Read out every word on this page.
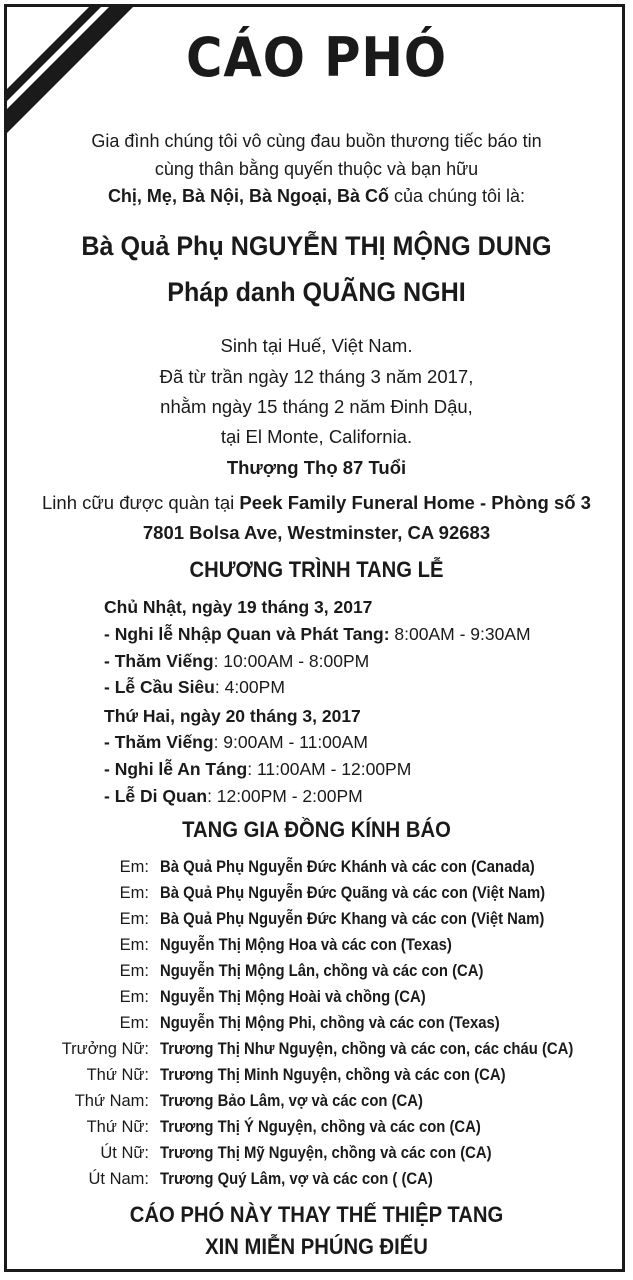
CÁO PHÓ
Gia đình chúng tôi vô cùng đau buồn thương tiếc báo tin
cùng thân bằng quyến thuộc và bạn hữu
Chị, Mẹ, Bà Nội, Bà Ngoại, Bà Cố của chúng tôi là:
Bà Quả Phụ NGUYỄN THỊ MỘNG DUNG
Pháp danh QUÃNG NGHI
Sinh tại Huế, Việt Nam.
Đã từ trần ngày 12 tháng 3 năm 2017,
nhằm ngày 15 tháng 2 năm Đinh Dậu,
tại El Monte, California.
Thượng Thọ 87 Tuổi
Linh cữu được quàn tại Peek Family Funeral Home - Phòng số 3
7801 Bolsa Ave, Westminster, CA 92683
CHƯƠNG TRÌNH TANG LỄ
Chủ Nhật, ngày 19 tháng 3, 2017
- Nghi lễ Nhập Quan và Phát Tang: 8:00AM - 9:30AM
- Thăm Viếng: 10:00AM - 8:00PM
- Lễ Cầu Siêu: 4:00PM
Thứ Hai, ngày 20 tháng 3, 2017
- Thăm Viếng: 9:00AM - 11:00AM
- Nghi lễ An Táng: 11:00AM - 12:00PM
- Lễ Di Quan: 12:00PM - 2:00PM
TANG GIA ĐỒNG KÍNH BÁO
Em: Bà Quả Phụ Nguyễn Đức Khánh và các con (Canada)
Em: Bà Quả Phụ Nguyễn Đức Quãng và các con (Việt Nam)
Em: Bà Quả Phụ Nguyễn Đức Khang và các con (Việt Nam)
Em: Nguyễn Thị Mộng Hoa và các con (Texas)
Em: Nguyễn Thị Mộng Lân, chồng và các con (CA)
Em: Nguyễn Thị Mộng Hoài và chồng (CA)
Em: Nguyễn Thị Mộng Phi, chồng và các con (Texas)
Trưởng Nữ: Trương Thị Như Nguyện, chồng và các con, các cháu (CA)
Thứ Nữ: Trương Thị Minh Nguyện, chồng và các con (CA)
Thứ Nam: Trương Bảo Lâm, vợ và các con (CA)
Thứ Nữ: Trương Thị Ý Nguyện, chồng và các con (CA)
Út Nữ: Trương Thị Mỹ Nguyện, chồng và các con (CA)
Út Nam: Trương Quý Lâm, vợ và các con ( (CA)
CÁO PHÓ NÀY THAY THẾ THIỆP TANG
XIN MIỄN PHÚNG ĐIẾU
